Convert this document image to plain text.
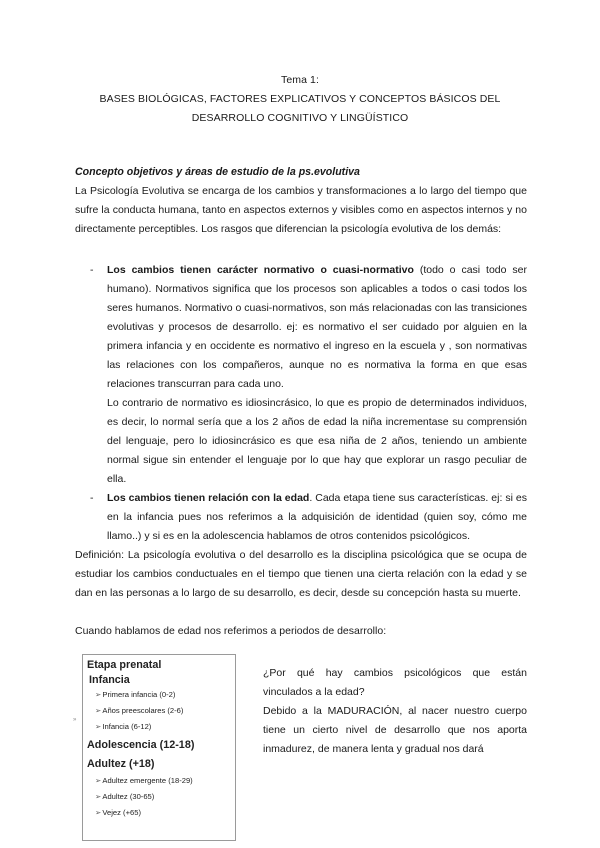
Tema 1:
BASES BIOLÓGICAS, FACTORES EXPLICATIVOS Y CONCEPTOS BÁSICOS DEL
DESARROLLO COGNITIVO Y LINGÜÍSTICO
Concepto objetivos y áreas de estudio de la ps.evolutiva
La Psicología Evolutiva se encarga de los cambios y transformaciones a lo largo del tiempo que sufre la conducta humana, tanto en aspectos externos y visibles como en aspectos internos y no directamente perceptibles. Los rasgos que diferencian la psicología evolutiva de los demás:
- Los cambios tienen carácter normativo o cuasi-normativo (todo o casi todo ser humano). Normativos significa que los procesos son aplicables a todos o casi todos los seres humanos. Normativo o cuasi-normativos, son más relacionadas con las transiciones evolutivas y procesos de desarrollo. ej: es normativo el ser cuidado por alguien en la primera infancia y en occidente es normativo el ingreso en la escuela y , son normativas las relaciones con los compañeros, aunque no es normativa la forma en que esas relaciones transcurran para cada uno.
Lo contrario de normativo es idiosincrásico, lo que es propio de determinados individuos, es decir, lo normal sería que a los 2 años de edad la niña incrementase su comprensión del lenguaje, pero lo idiosincrásico es que esa niña de 2 años, teniendo un ambiente normal sigue sin entender el lenguaje por lo que hay que explorar un rasgo peculiar de ella.
- Los cambios tienen relación con la edad. Cada etapa tiene sus características. ej: si es en la infancia pues nos referimos a la adquisición de identidad (quien soy, cómo me llamo..) y si es en la adolescencia hablamos de otros contenidos psicológicos.
Definición: La psicología evolutiva o del desarrollo es la disciplina psicológica que se ocupa de estudiar los cambios conductuales en el tiempo que tienen una cierta relación con la edad y se dan en las personas a lo largo de su desarrollo, es decir, desde su concepción hasta su muerte.
Cuando hablamos de edad nos referimos a periodos de desarrollo:
Etapa prenatal
Infancia
➢Primera infancia (0-2)
➢Años preescolares (2-6)
➢Infancia (6-12)
Adolescencia (12-18)
Adultez (+18)
➢Adultez emergente (18-29)
➢Adultez (30-65)
➢Vejez (+65)
»
¿Por qué hay cambios psicológicos que están vinculados a la edad?
Debido a la MADURACIÓN, al nacer nuestro cuerpo tiene un cierto nivel de desarrollo que nos aporta inmadurez, de manera lenta y gradual nos dará
